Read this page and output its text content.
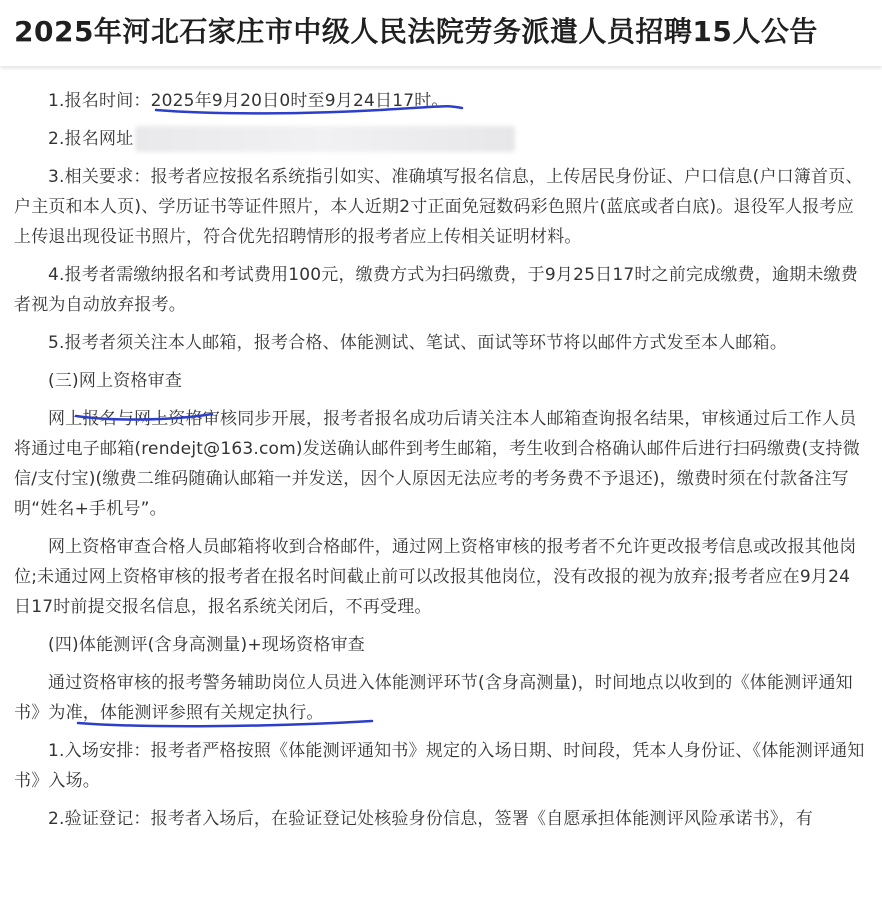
2025年河北石家庄市中级人民法院劳务派遣人员招聘15人公告

1.报名时间：2025年9月20日0时至9月24日17时。

2.报名网址

3.相关要求：报考者应按报名系统指引如实、准确填写报名信息，上传居民身份证、户口信息(户口簿首页、户主页和本人页)、学历证书等证件照片，本人近期2寸正面免冠数码彩色照片(蓝底或者白底)。退役军人报考应上传退出现役证书照片，符合优先招聘情形的报考者应上传相关证明材料。

4.报考者需缴纳报名和考试费用100元，缴费方式为扫码缴费，于9月25日17时之前完成缴费，逾期未缴费者视为自动放弃报考。

5.报考者须关注本人邮箱，报考合格、体能测试、笔试、面试等环节将以邮件方式发至本人邮箱。

(三)网上资格审查

网上报名与网上资格审核同步开展，报考者报名成功后请关注本人邮箱查询报名结果，审核通过后工作人员将通过电子邮箱(rendejt@163.com)发送确认邮件到考生邮箱，考生收到合格确认邮件后进行扫码缴费(支持微信/支付宝)(缴费二维码随确认邮箱一并发送，因个人原因无法应考的考务费不予退还)，缴费时须在付款备注写明“姓名+手机号”。

网上资格审查合格人员邮箱将收到合格邮件，通过网上资格审核的报考者不允许更改报考信息或改报其他岗位;未通过网上资格审核的报考者在报名时间截止前可以改报其他岗位，没有改报的视为放弃;报考者应在9月24日17时前提交报名信息，报名系统关闭后，不再受理。

(四)体能测评(含身高测量)+现场资格审查

通过资格审核的报考警务辅助岗位人员进入体能测评环节(含身高测量)，时间地点以收到的《体能测评通知书》为准，体能测评参照有关规定执行。

1.入场安排：报考者严格按照《体能测评通知书》规定的入场日期、时间段，凭本人身份证、《体能测评通知书》入场。

2.验证登记：报考者入场后，在验证登记处核验身份信息，签署《自愿承担体能测评风险承诺书》，有
